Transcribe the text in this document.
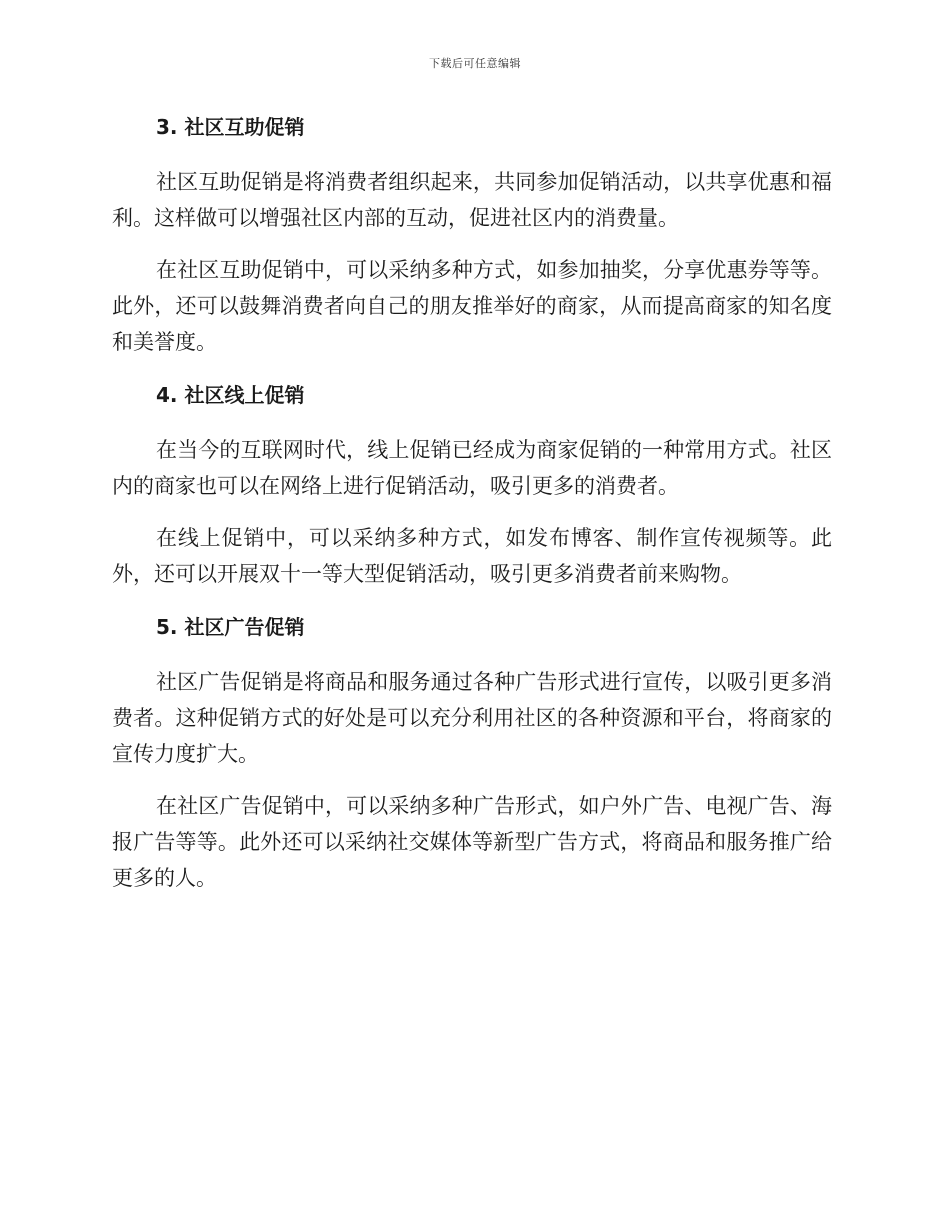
下载后可任意编辑
3. 社区互助促销

社区互助促销是将消费者组织起来，共同参加促销活动，以共享优惠和福利。这样做可以增强社区内部的互动，促进社区内的消费量。

在社区互助促销中，可以采纳多种方式，如参加抽奖，分享优惠券等等。此外，还可以鼓舞消费者向自己的朋友推举好的商家，从而提高商家的知名度和美誉度。

4. 社区线上促销

在当今的互联网时代，线上促销已经成为商家促销的一种常用方式。社区内的商家也可以在网络上进行促销活动，吸引更多的消费者。

在线上促销中，可以采纳多种方式，如发布博客、制作宣传视频等。此外，还可以开展双十一等大型促销活动，吸引更多消费者前来购物。

5. 社区广告促销

社区广告促销是将商品和服务通过各种广告形式进行宣传，以吸引更多消费者。这种促销方式的好处是可以充分利用社区的各种资源和平台，将商家的宣传力度扩大。

在社区广告促销中，可以采纳多种广告形式，如户外广告、电视广告、海报广告等等。此外还可以采纳社交媒体等新型广告方式，将商品和服务推广给更多的人。
